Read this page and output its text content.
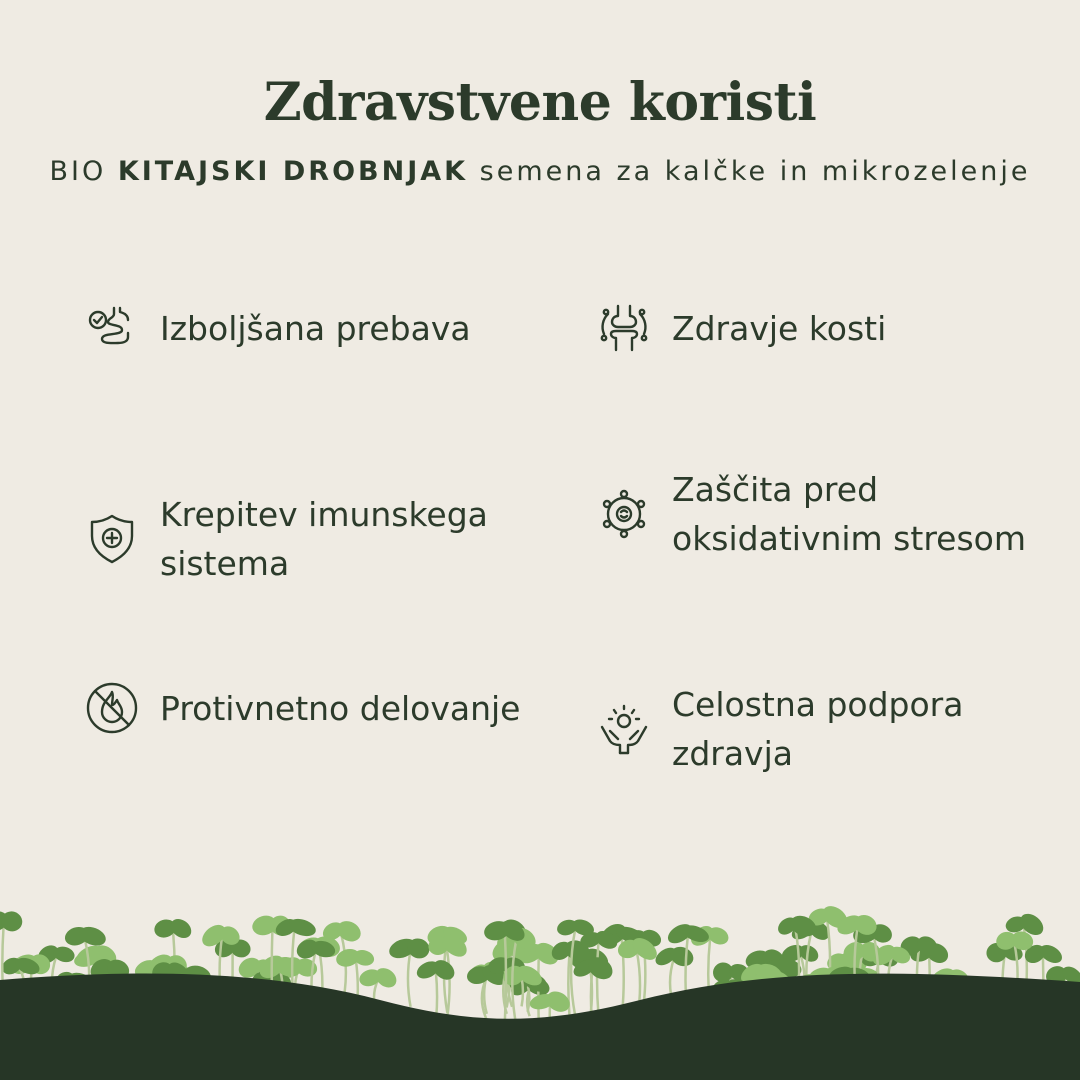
Zdravstvene koristi
BIO KITAJSKI DROBNJAK semena za kalčke in mikrozelenje
Izboljšana prebava	Zdravje kosti
Krepitev imunskega sistema
Zaščita pred oksidativnim stresom
Protivnetno delovanje	Celostna podpora zdravja
